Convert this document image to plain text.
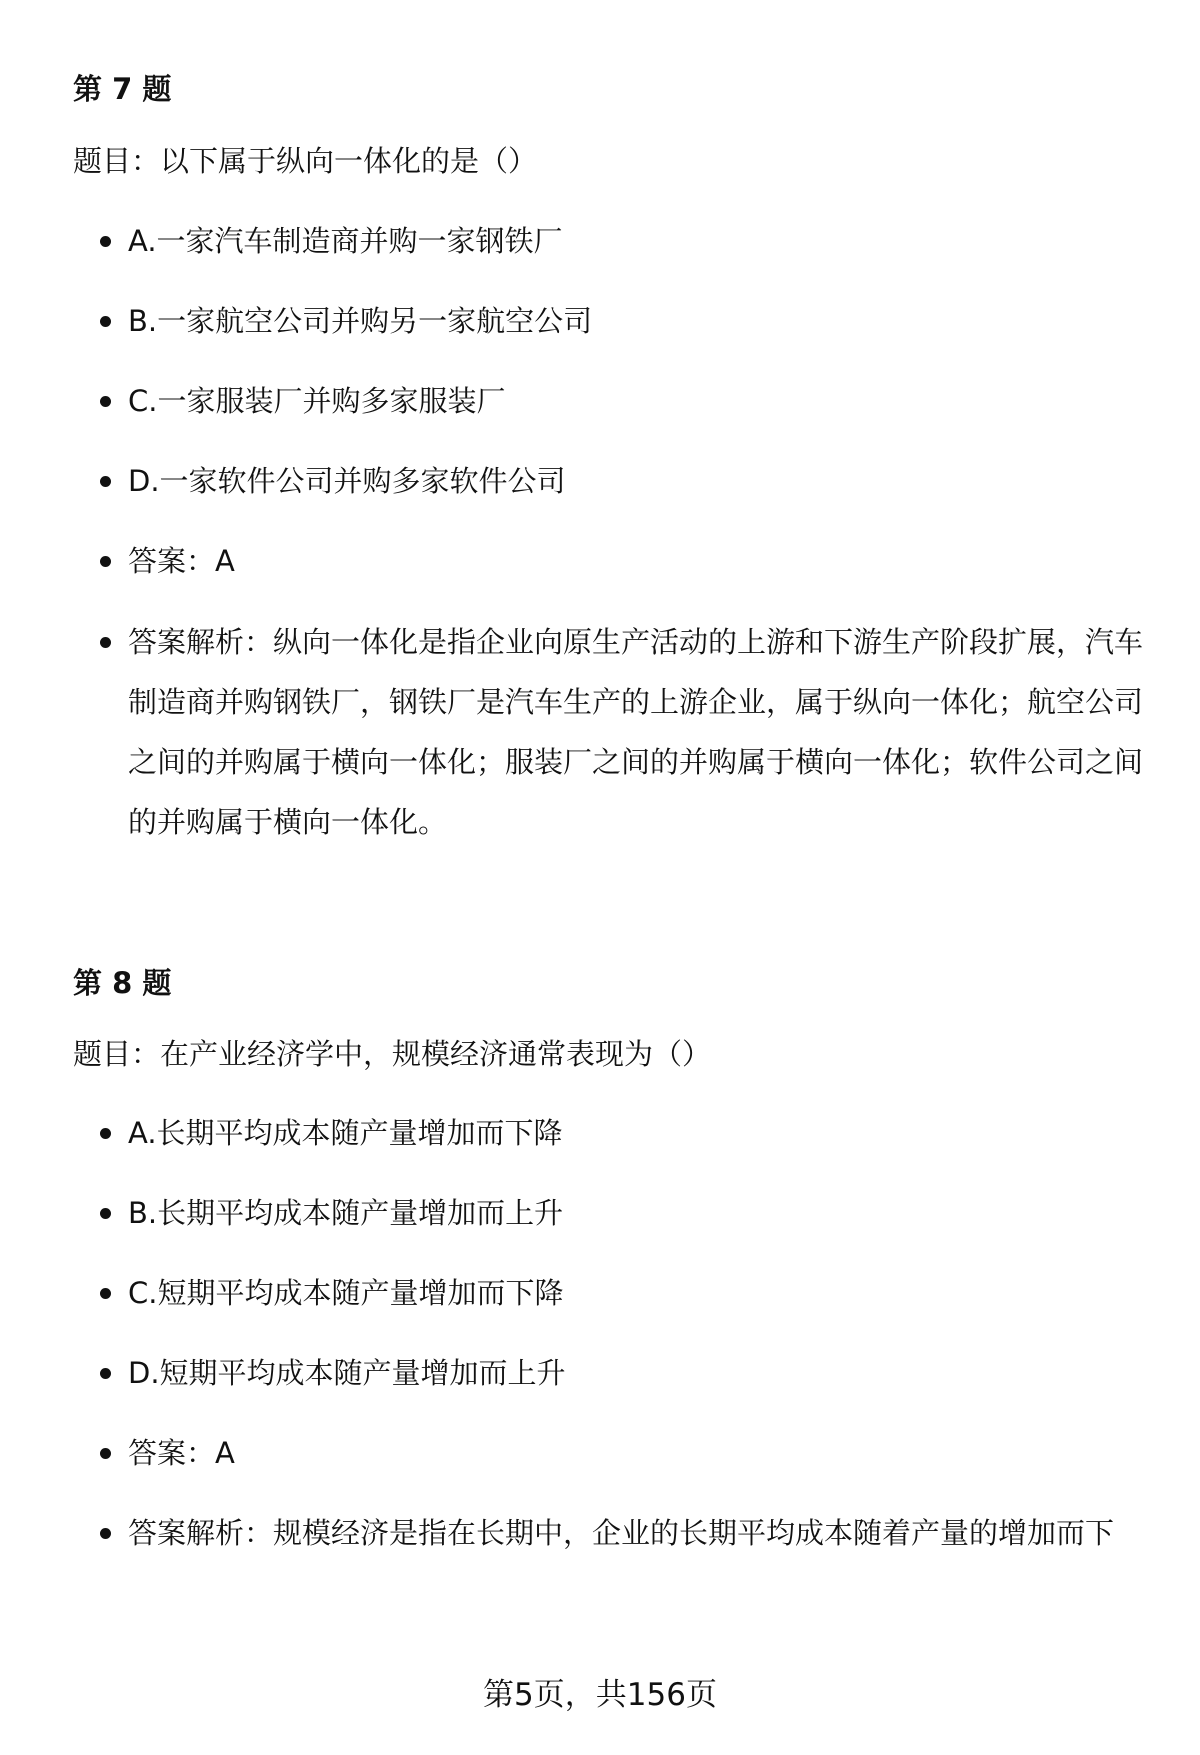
第 7 题
题目：以下属于纵向一体化的是（）
A.一家汽车制造商并购一家钢铁厂
B.一家航空公司并购另一家航空公司
C.一家服装厂并购多家服装厂
D.一家软件公司并购多家软件公司
答案：A
答案解析：纵向一体化是指企业向原生产活动的上游和下游生产阶段扩展，汽车制造商并购钢铁厂，钢铁厂是汽车生产的上游企业，属于纵向一体化；航空公司之间的并购属于横向一体化；服装厂之间的并购属于横向一体化；软件公司之间的并购属于横向一体化。
第 8 题
题目：在产业经济学中，规模经济通常表现为（）
A.长期平均成本随产量增加而下降
B.长期平均成本随产量增加而上升
C.短期平均成本随产量增加而下降
D.短期平均成本随产量增加而上升
答案：A
答案解析：规模经济是指在长期中，企业的长期平均成本随着产量的增加而下
第5页，共156页
